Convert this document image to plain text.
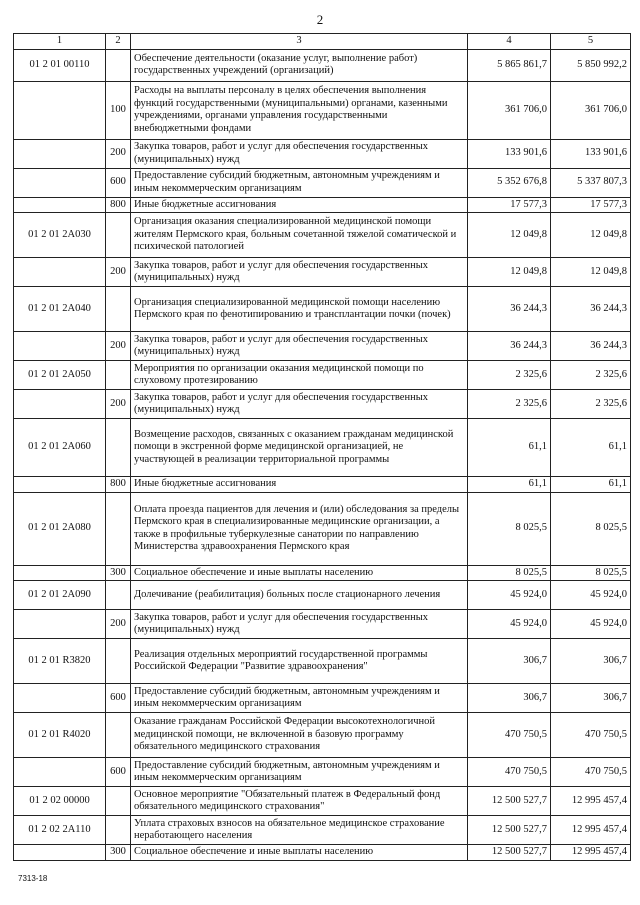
2
1	2	3	4	5
01 2 01 00110		Обеспечение деятельности (оказание услуг, выполнение работ) государственных учреждений (организаций)	5 865 861,7	5 850 992,2
	100	Расходы на выплаты персоналу в целях обеспечения выполнения функций государственными (муниципальными) органами, казенными учреждениями, органами управления государственными внебюджетными фондами	361 706,0	361 706,0
	200	Закупка товаров, работ и услуг для обеспечения государственных (муниципальных) нужд	133 901,6	133 901,6
	600	Предоставление субсидий бюджетным, автономным учреждениям и иным некоммерческим организациям	5 352 676,8	5 337 807,3
	800	Иные бюджетные ассигнования	17 577,3	17 577,3
01 2 01 2А030		Организация оказания специализированной медицинской помощи жителям Пермского края, больным сочетанной тяжелой соматической и психической патологией	12 049,8	12 049,8
	200	Закупка товаров, работ и услуг для обеспечения государственных (муниципальных) нужд	12 049,8	12 049,8
01 2 01 2А040		Организация специализированной медицинской помощи населению Пермского края по фенотипированию и трансплантации почки (почек)	36 244,3	36 244,3
	200	Закупка товаров, работ и услуг для обеспечения государственных (муниципальных) нужд	36 244,3	36 244,3
01 2 01 2А050		Мероприятия по организации оказания медицинской помощи по слуховому протезированию	2 325,6	2 325,6
	200	Закупка товаров, работ и услуг для обеспечения государственных (муниципальных) нужд	2 325,6	2 325,6
01 2 01 2А060		Возмещение расходов, связанных с оказанием гражданам медицинской помощи в экстренной форме медицинской организацией, не участвующей в реализации территориальной программы	61,1	61,1
	800	Иные бюджетные ассигнования	61,1	61,1
01 2 01 2А080		Оплата проезда пациентов для лечения и (или) обследования за пределы Пермского края в специализированные медицинские организации, а также в профильные туберкулезные санатории по направлению Министерства здравоохранения Пермского края	8 025,5	8 025,5
	300	Социальное обеспечение и иные выплаты населению	8 025,5	8 025,5
01 2 01 2А090		Долечивание (реабилитация) больных после стационарного лечения	45 924,0	45 924,0
	200	Закупка товаров, работ и услуг для обеспечения государственных (муниципальных) нужд	45 924,0	45 924,0
01 2 01 R3820		Реализация отдельных мероприятий государственной программы Российской Федерации "Развитие здравоохранения"	306,7	306,7
	600	Предоставление субсидий бюджетным, автономным учреждениям и иным некоммерческим организациям	306,7	306,7
01 2 01 R4020		Оказание гражданам Российской Федерации высокотехнологичной медицинской помощи, не включенной в базовую программу обязательного медицинского страхования	470 750,5	470 750,5
	600	Предоставление субсидий бюджетным, автономным учреждениям и иным некоммерческим организациям	470 750,5	470 750,5
01 2 02 00000		Основное мероприятие "Обязательный платеж в Федеральный фонд обязательного медицинского страхования"	12 500 527,7	12 995 457,4
01 2 02 2А110		Уплата страховых взносов на обязательное медицинское страхование неработающего населения	12 500 527,7	12 995 457,4
	300	Социальное обеспечение и иные выплаты населению	12 500 527,7	12 995 457,4
7313-18
